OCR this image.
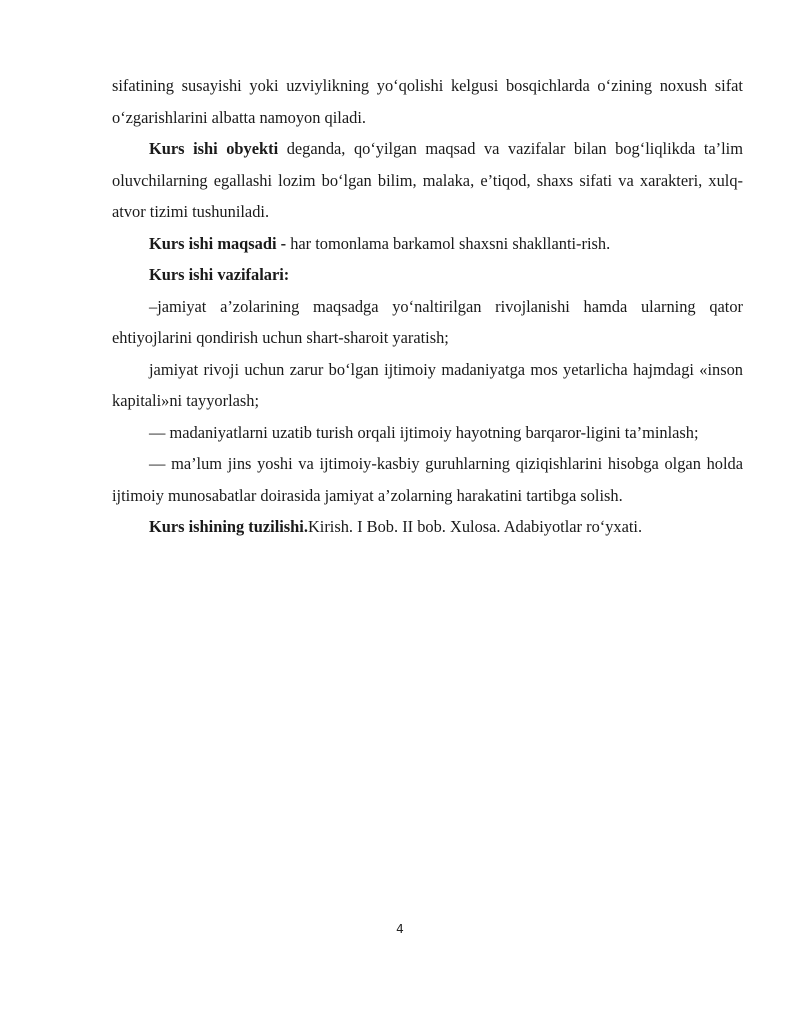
sifatining susayishi yoki uzviylikning yo‘qolishi kelgusi bosqichlarda o‘zining noxush sifat o‘zgarishlarini albatta namoyon qiladi.

Kurs ishi obyekti deganda, qo‘yilgan maqsad va vazifalar bilan bog‘liqlikda ta’lim oluvchilarning egallashi lozim bo‘lgan bilim, malaka, e’tiqod, shaxs sifati va xarakteri, xulq-atvor tizimi tushuniladi.

Kurs ishi maqsadi - har tomonlama barkamol shaxsni shakllanti-rish.

Kurs ishi vazifalari:

–jamiyat a’zolarining maqsadga yo‘naltirilgan rivojlanishi hamda ularning qator ehtiyojlarini qondirish uchun shart-sharoit yaratish;

jamiyat rivoji uchun zarur bo‘lgan ijtimoiy madaniyatga mos yetarlicha hajmdagi «inson kapitali»ni tayyorlash;

— madaniyatlarni uzatib turish orqali ijtimoiy hayotning barqaror-ligini ta’minlash;

— ma’lum jins yoshi va ijtimoiy-kasbiy guruhlarning qiziqishlarini hisobga olgan holda ijtimoiy munosabatlar doirasida jamiyat a’zolarning harakatini tartibga solish.

Kurs ishining tuzilishi.Kirish. I Bob. II bob. Xulosa. Adabiyotlar ro‘yxati.

4
